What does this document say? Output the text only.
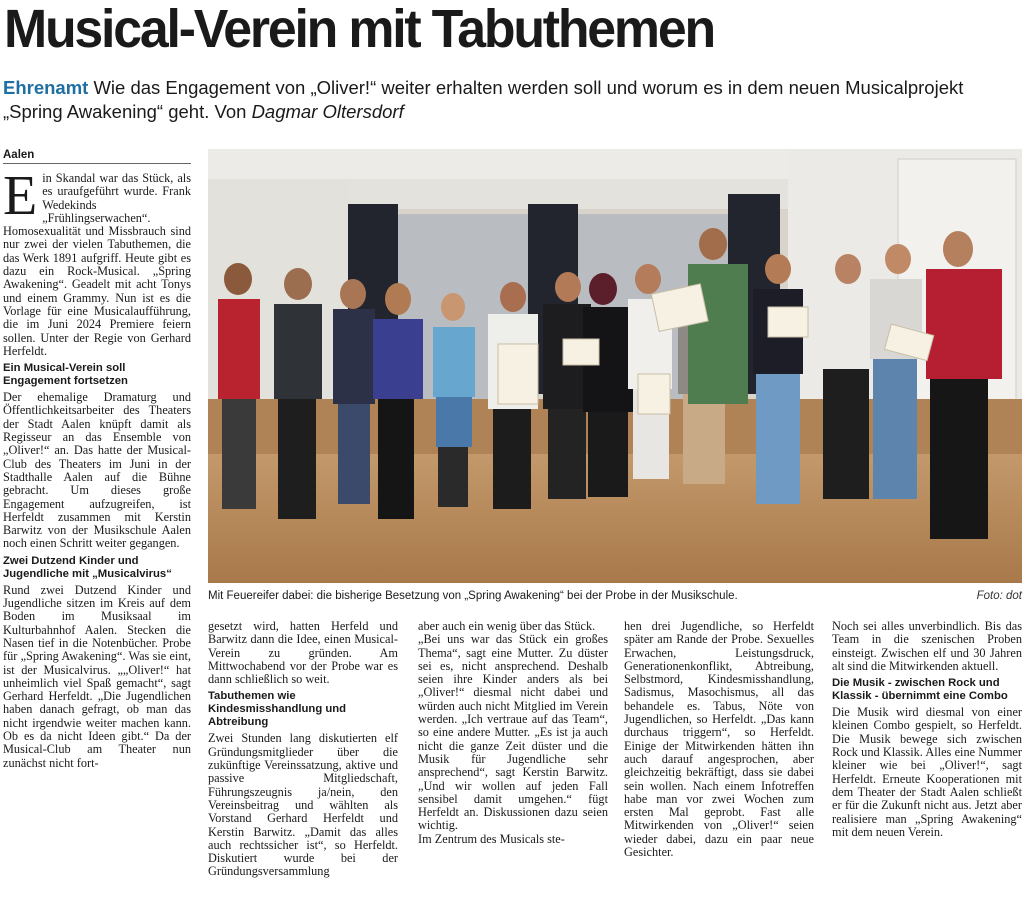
Musical-Verein mit Tabuthemen

Ehrenamt Wie das Engagement von „Oliver!“ weiter erhalten werden soll und worum es in dem neuen Musicalprojekt „Spring Awakening“ geht. Von Dagmar Oltersdorf

Aalen

Ein Skandal war das Stück, als es uraufgeführt wurde. Frank Wedekinds „Frühlingserwachen“. Homosexualität und Missbrauch sind nur zwei der vielen Tabuthemen, die das Werk 1891 aufgriff. Heute gibt es dazu ein Rock-Musical. „Spring Awakening“. Geadelt mit acht Tonys und einem Grammy. Nun ist es die Vorlage für eine Musicalaufführung, die im Juni 2024 Premiere feiern sollen. Unter der Regie von Gerhard Herfeldt.

Ein Musical-Verein soll Engagement fortsetzen

Der ehemalige Dramaturg und Öffentlichkeitsarbeiter des Theaters der Stadt Aalen knüpft damit als Regisseur an das Ensemble von „Oliver!“ an. Das hatte der Musical-Club des Theaters im Juni in der Stadthalle Aalen auf die Bühne gebracht. Um dieses große Engagement aufzugreifen, ist Herfeldt zusammen mit Kerstin Barwitz von der Musikschule Aalen noch einen Schritt weiter gegangen.

Zwei Dutzend Kinder und Jugendliche mit „Musicalvirus“

Rund zwei Dutzend Kinder und Jugendliche sitzen im Kreis auf dem Boden im Musiksaal im Kulturbahnhof Aalen. Stecken die Nasen tief in die Notenbücher. Probe für „Spring Awakening“. Was sie eint, ist der Musicalvirus. „„Oliver!“ hat unheimlich viel Spaß gemacht“, sagt Gerhard Herfeldt. „Die Jugendlichen haben danach gefragt, ob man das nicht irgendwie weiter machen kann. Ob es da nicht Ideen gibt.“ Da der Musical-Club am Theater nun zunächst nicht fort-

Mit Feuereifer dabei: die bisherige Besetzung von „Spring Awakening“ bei der Probe in der Musikschule.	Foto: dot

gesetzt wird, hatten Herfeld und Barwitz dann die Idee, einen Musical-Verein zu gründen. Am Mittwochabend vor der Probe war es dann schließlich so weit.

Tabuthemen wie Kindesmisshandlung und Abtreibung

Zwei Stunden lang diskutierten elf Gründungsmitglieder über die zukünftige Vereinssatzung, aktive und passive Mitgliedschaft, Führungszeugnis ja/nein, den Vereinsbeitrag und wählten als Vorstand Gerhard Herfeldt und Kerstin Barwitz. „Damit das alles auch rechtssicher ist“, so Herfeldt. Diskutiert wurde bei der Gründungsversammlung

aber auch ein wenig über das Stück.

„Bei uns war das Stück ein großes Thema“, sagt eine Mutter. Zu düster sei es, nicht ansprechend. Deshalb seien ihre Kinder anders als bei „Oliver!“ diesmal nicht dabei und würden auch nicht Mitglied im Verein werden. „Ich vertraue auf das Team“, so eine andere Mutter. „Es ist ja auch nicht die ganze Zeit düster und die Musik für Jugendliche sehr ansprechend“, sagt Kerstin Barwitz. „Und wir wollen auf jeden Fall sensibel damit umgehen.“ fügt Herfeldt an. Diskussionen dazu seien wichtig.

Im Zentrum des Musicals ste-

hen drei Jugendliche, so Herfeldt später am Rande der Probe. Sexuelles Erwachen, Leistungsdruck, Generationenkonflikt, Abtreibung, Selbstmord, Kindesmisshandlung, Sadismus, Masochismus, all das behandele es. Tabus, Nöte von Jugendlichen, so Herfeldt. „Das kann durchaus triggern“, so Herfeldt. Einige der Mitwirkenden hätten ihn auch darauf angesprochen, aber gleichzeitig bekräftigt, dass sie dabei sein wollen. Nach einem Infotreffen habe man vor zwei Wochen zum ersten Mal geprobt. Fast alle Mitwirkenden von „Oliver!“ seien wieder dabei, dazu ein paar neue Gesichter.

Noch sei alles unverbindlich. Bis das Team in die szenischen Proben einsteigt. Zwischen elf und 30 Jahren alt sind die Mitwirkenden aktuell.

Die Musik - zwischen Rock und Klassik - übernimmt eine Combo

Die Musik wird diesmal von einer kleinen Combo gespielt, so Herfeldt. Die Musik bewege sich zwischen Rock und Klassik. Alles eine Nummer kleiner wie bei „Oliver!“, sagt Herfeldt. Erneute Kooperationen mit dem Theater der Stadt Aalen schließt er für die Zukunft nicht aus. Jetzt aber realisiere man „Spring Awakening“ mit dem neuen Verein.
